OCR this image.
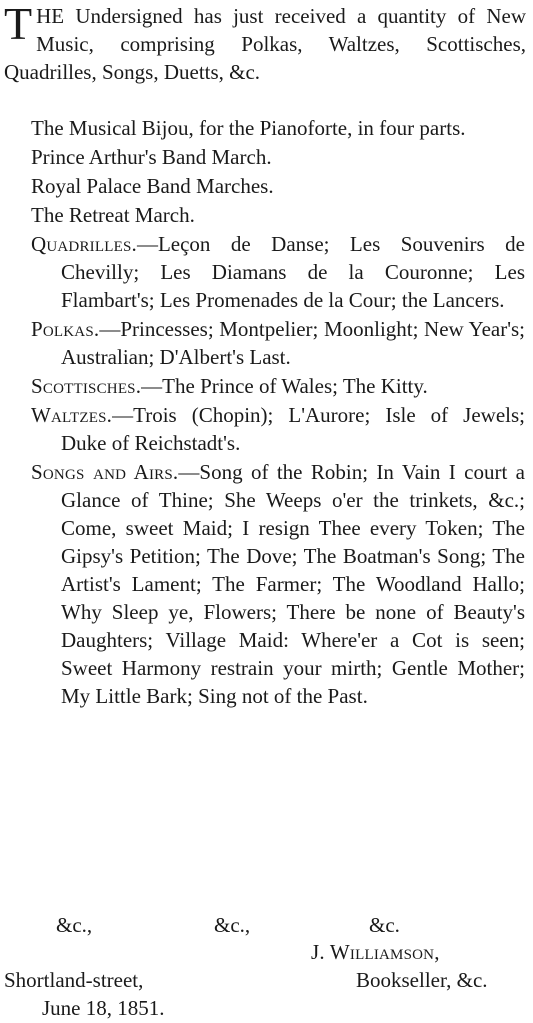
THE Undersigned has just received a quantity of New Music, comprising Polkas, Waltzes, Scottisches, Quadrilles, Songs, Duetts, &c.
The Musical Bijou, for the Pianoforte, in four parts.
Prince Arthur's Band March.
Royal Palace Band Marches.
The Retreat March.
Quadrilles.—Leçon de Danse; Les Souvenirs de Chevilly; Les Diamans de la Couronne; Les Flambart's; Les Promenades de la Cour; the Lancers.
Polkas.—Princesses; Montpelier; Moonlight; New Year's; Australian; D'Albert's Last.
Scottisches.—The Prince of Wales; The Kitty.
Waltzes.—Trois (Chopin); L'Aurore; Isle of Jewels; Duke of Reichstadt's.
Songs and Airs.—Song of the Robin; In Vain I court a Glance of Thine; She Weeps o'er the trinkets, &c.; Come, sweet Maid; I resign Thee every Token; The Gipsy's Petition; The Dove; The Boatman's Song; The Artist's Lament; The Farmer; The Woodland Hallo; Why Sleep ye, Flowers; There be none of Beauty's Daughters; Village Maid: Where'er a Cot is seen; Sweet Harmony restrain your mirth; Gentle Mother; My Little Bark; Sing not of the Past.
&c.,	&c.,	&c.
J. Williamson,
Shortland-street,	Bookseller, &c.
June 18, 1851.
